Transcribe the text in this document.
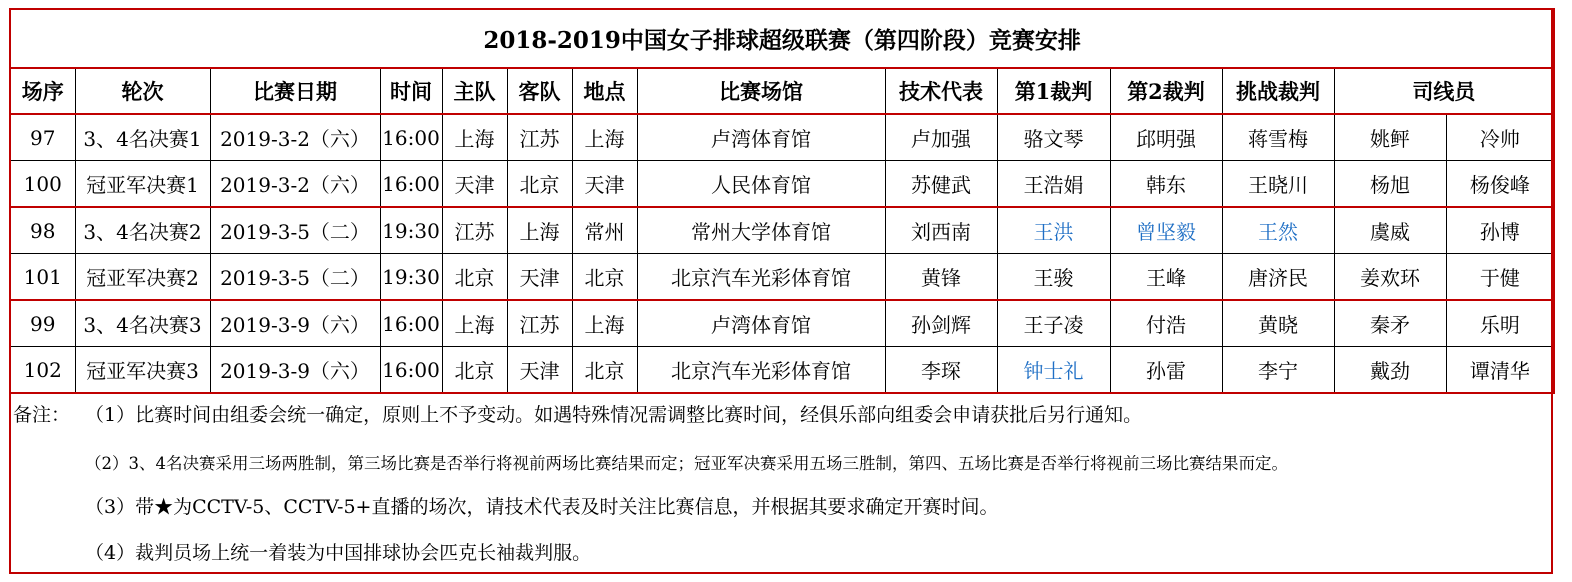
2018-2019中国女子排球超级联赛（第四阶段）竞赛安排													
场序	轮次	比赛日期	时间	主队	客队	地点	比赛场馆	技术代表	第1裁判	第2裁判	挑战裁判	司线员	
97	3、4名决赛1	2019-3-2（六）	16:00	上海	江苏	上海	卢湾体育馆	卢加强	骆文琴	邱明强	蒋雪梅	姚鲆	冷帅
100	冠亚军决赛1	2019-3-2（六）	16:00	天津	北京	天津	人民体育馆	苏健武	王浩娟	韩东	王晓川	杨旭	杨俊峰
98	3、4名决赛2	2019-3-5（二）	19:30	江苏	上海	常州	常州大学体育馆	刘西南	王洪	曾坚毅	王然	虞威	孙博
101	冠亚军决赛2	2019-3-5（二）	19:30	北京	天津	北京	北京汽车光彩体育馆	黄锋	王骏	王峰	唐济民	姜欢环	于健
99	3、4名决赛3	2019-3-9（六）	16:00	上海	江苏	上海	卢湾体育馆	孙剑辉	王子凌	付浩	黄晓	秦矛	乐明
102	冠亚军决赛3	2019-3-9（六）	16:00	北京	天津	北京	北京汽车光彩体育馆	李琛	钟士礼	孙雷	李宁	戴劲	谭清华
备注： （1）比赛时间由组委会统一确定，原则上不予变动。如遇特殊情况需调整比赛时间，经俱乐部向组委会申请获批后另行通知。
（2）3、4名决赛采用三场两胜制，第三场比赛是否举行将视前两场比赛结果而定；冠亚军决赛采用五场三胜制，第四、五场比赛是否举行将视前三场比赛结果而定。
（3）带★为CCTV-5、CCTV-5+直播的场次，请技术代表及时关注比赛信息，并根据其要求确定开赛时间。
（4）裁判员场上统一着装为中国排球协会匹克长袖裁判服。
